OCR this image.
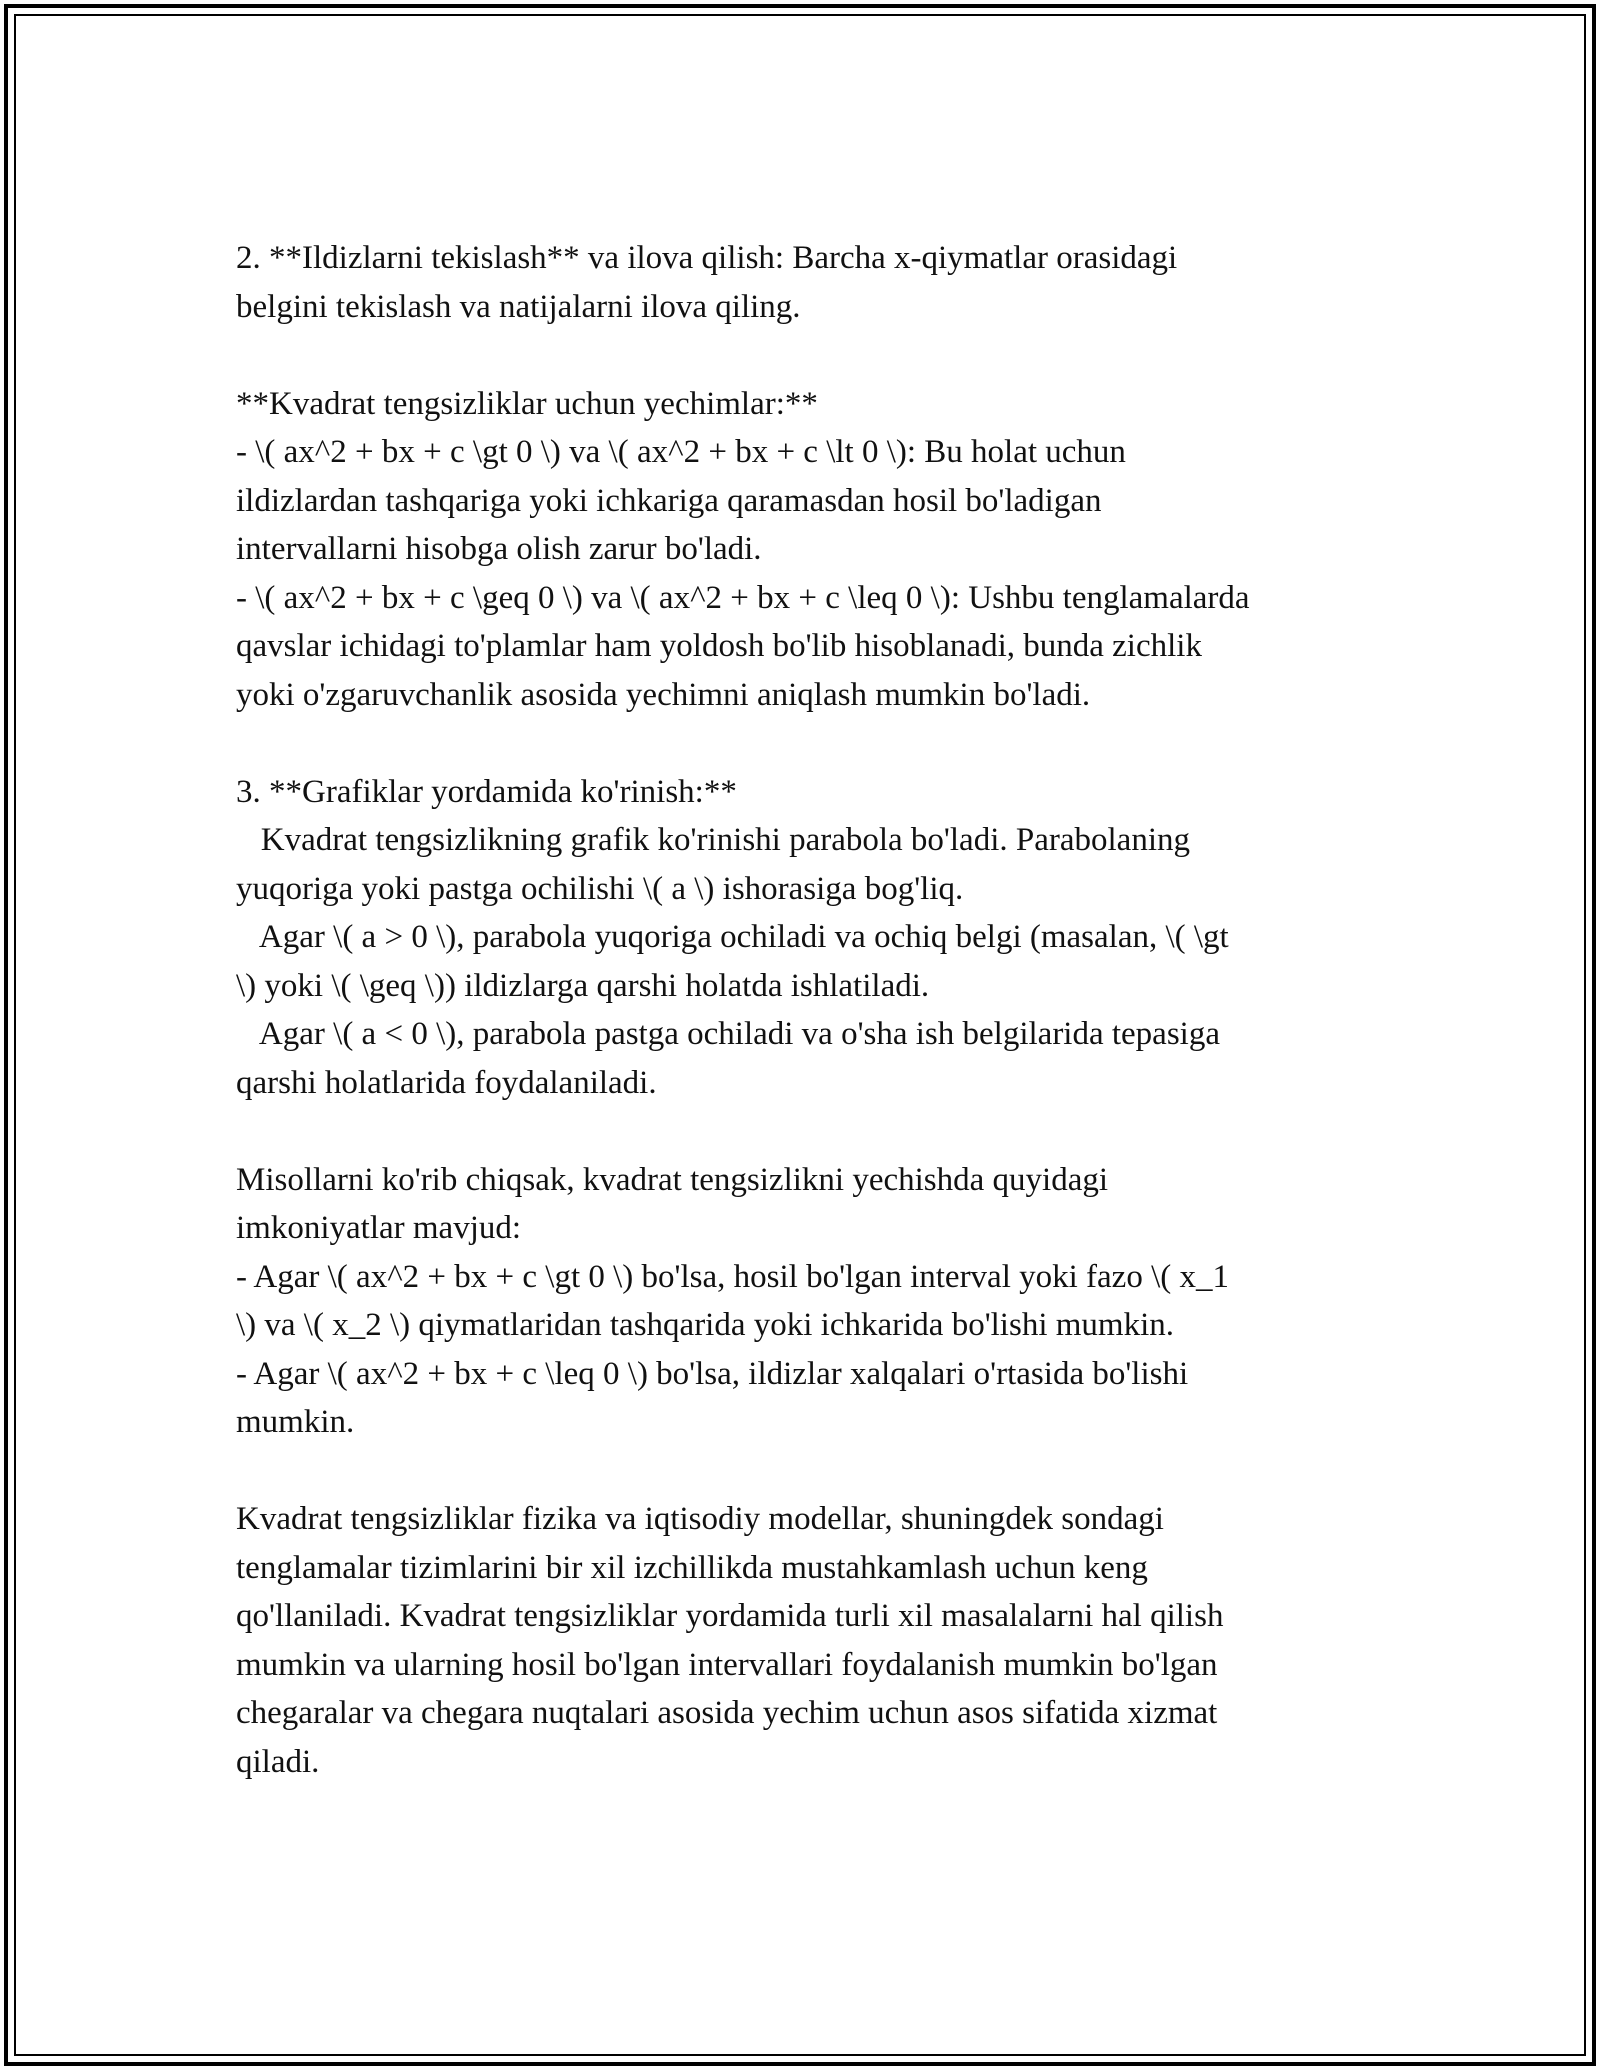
2. **Ildizlarni tekislash** va ilova qilish: Barcha x-qiymatlar orasidagi
belgini tekislash va natijalarni ilova qiling.

**Kvadrat tengsizliklar uchun yechimlar:**
- \( ax^2 + bx + c \gt 0 \) va \( ax^2 + bx + c \lt 0 \): Bu holat uchun
ildizlardan tashqariga yoki ichkariga qaramasdan hosil bo'ladigan
intervallarni hisobga olish zarur bo'ladi.
- \( ax^2 + bx + c \geq 0 \) va \( ax^2 + bx + c \leq 0 \): Ushbu tenglamalarda
qavslar ichidagi to'plamlar ham yoldosh bo'lib hisoblanadi, bunda zichlik
yoki o'zgaruvchanlik asosida yechimni aniqlash mumkin bo'ladi.

3. **Grafiklar yordamida ko'rinish:**
Kvadrat tengsizlikning grafik ko'rinishi parabola bo'ladi. Parabolaning
yuqoriga yoki pastga ochilishi \( a \) ishorasiga bog'liq.
Agar \( a > 0 \), parabola yuqoriga ochiladi va ochiq belgi (masalan, \( \gt
\) yoki \( \geq \)) ildizlarga qarshi holatda ishlatiladi.
Agar \( a < 0 \), parabola pastga ochiladi va o'sha ish belgilarida tepasiga
qarshi holatlarida foydalaniladi.

Misollarni ko'rib chiqsak, kvadrat tengsizlikni yechishda quyidagi
imkoniyatlar mavjud:
- Agar \( ax^2 + bx + c \gt 0 \) bo'lsa, hosil bo'lgan interval yoki fazo \( x_1
\) va \( x_2 \) qiymatlaridan tashqarida yoki ichkarida bo'lishi mumkin.
- Agar \( ax^2 + bx + c \leq 0 \) bo'lsa, ildizlar xalqalari o'rtasida bo'lishi
mumkin.

Kvadrat tengsizliklar fizika va iqtisodiy modellar, shuningdek sondagi
tenglamalar tizimlarini bir xil izchillikda mustahkamlash uchun keng
qo'llaniladi. Kvadrat tengsizliklar yordamida turli xil masalalarni hal qilish
mumkin va ularning hosil bo'lgan intervallari foydalanish mumkin bo'lgan
chegaralar va chegara nuqtalari asosida yechim uchun asos sifatida xizmat
qiladi.
